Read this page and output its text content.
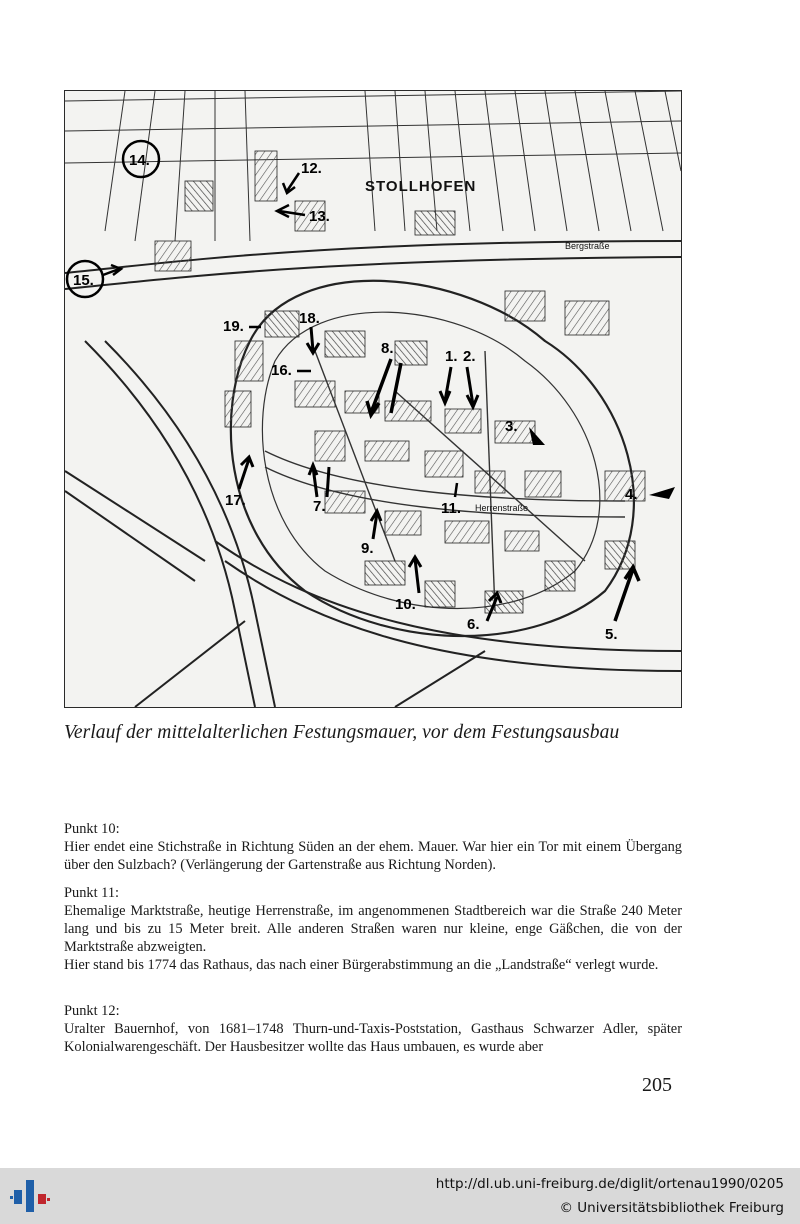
STOLLHOFEN
Herrenstraße
Bergstraße
1. 2.
3.
4.
5.
6.
7.
8.
9.
10.
11.
12.
13.
14.
15.
16.
17.
18.
19.
Verlauf der mittelalterlichen Festungsmauer, vor dem Festungsausbau

Punkt 10:

Hier endet eine Stichstraße in Richtung Süden an der ehem. Mauer. War hier ein Tor mit einem Übergang über den Sulzbach? (Verlängerung der Gartenstraße aus Richtung Norden).

Punkt 11:

Ehemalige Marktstraße, heutige Herrenstraße, im angenommenen Stadtbereich war die Straße 240 Meter lang und bis zu 15 Meter breit. Alle anderen Straßen waren nur kleine, enge Gäßchen, die von der Marktstraße abzweigten.

Hier stand bis 1774 das Rathaus, das nach einer Bürgerabstimmung an die „Landstraße“ verlegt wurde.

Punkt 12:

Uralter Bauernhof, von 1681–1748 Thurn-und-Taxis-Poststation, Gasthaus Schwarzer Adler, später Kolonialwarengeschäft. Der Hausbesitzer wollte das Haus umbauen, es wurde aber

205
http://dl.ub.uni-freiburg.de/diglit/ortenau1990/0205
© Universitätsbibliothek Freiburg
